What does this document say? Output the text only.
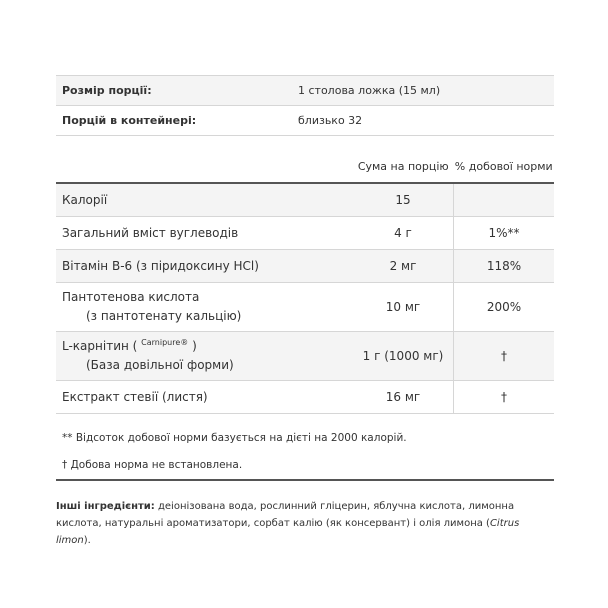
Розмір порції:	1 столова ложка (15 мл)
Порцій в контейнері:	близько 32
	Сума на порцію	% добової норми
Калорії	15	
Загальний вміст вуглеводів	4 г	1%**
Вітамін B-6 (з піридоксину HCl)	2 мг	118%
Пантотенова кислота
(з пантотенату кальцію)	10 мг	200%
L-карнітин ( $^{Carnipure®}$ )
(База довільної форми)	1 г (1000 мг)	†
Екстракт стевії (листя)	16 мг	†
** Відсоток добової норми базується на дієті на 2000 калорій.
† Добова норма не встановлена.
Інші інгредієнти: деіонізована вода, рослинний гліцерин, яблучна кислота, лимонна кислота, натуральні ароматизатори, сорбат калію (як консервант) і олія лимона (Citrus limon).
